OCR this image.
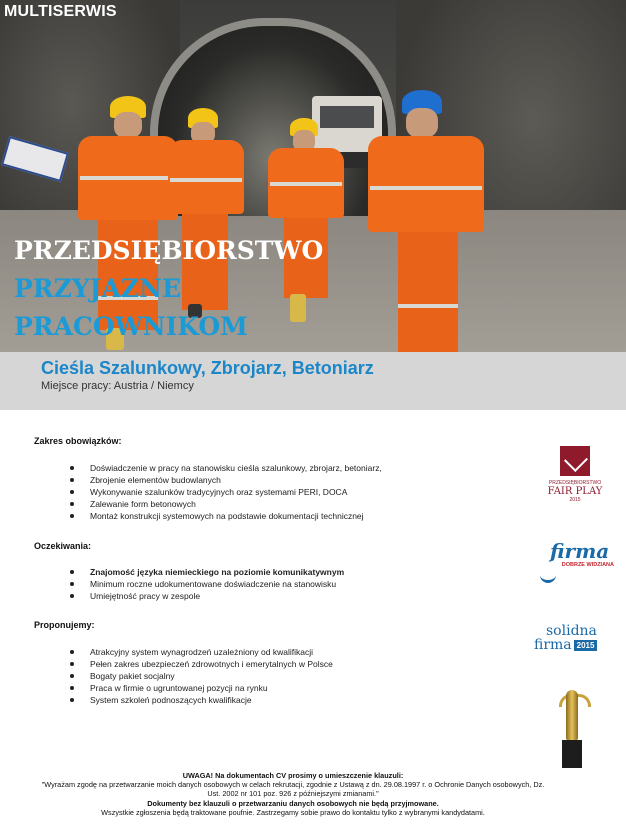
MULTISERWIS
PRZEDSIĘBIORSTWO
PRZYJAZNE
PRACOWNIKOM
Cieśla Szalunkowy, Zbrojarz, Betoniarz
Miejsce pracy: Austria / Niemcy
Zakres obowiązków:
Doświadczenie w pracy na stanowisku cieśla szalunkowy, zbrojarz, betoniarz,
Zbrojenie elementów budowlanych
Wykonywanie szalunków tradycyjnych oraz systemami PERI, DOCA
Zalewanie form betonowych
Montaż konstrukcji systemowych na podstawie dokumentacji technicznej
Oczekiwania:
Znajomość języka niemieckiego na poziomie komunikatywnym
Minimum roczne udokumentowane doświadczenie na stanowisku
Umiejętność pracy w zespole
Proponujemy:
Atrakcyjny system wynagrodzeń uzależniony od kwalifikacji
Pełen zakres ubezpieczeń zdrowotnych i emerytalnych w Polsce
Bogaty pakiet socjalny
Praca w firmie o ugruntowanej pozycji na rynku
System szkoleń podnoszących kwalifikacje
PRZEDSIĘBIORSTWO
FAIR PLAY
2015
firma
DOBRZE WIDZIANA
solidna
firma 2015
UWAGA! Na dokumentach CV prosimy o umieszczenie klauzuli:
"Wyrażam zgodę na przetwarzanie moich danych osobowych w celach rekrutacji, zgodnie z Ustawą z dn. 29.08.1997 r. o Ochronie Danych osobowych, Dz. Ust. 2002 nr 101 poz. 926 z późniejszymi zmianami."
Dokumenty bez klauzuli o przetwarzaniu danych osobowych nie będą przyjmowane.
Wszystkie zgłoszenia będą traktowane poufnie. Zastrzegamy sobie prawo do kontaktu tylko z wybranymi kandydatami.
